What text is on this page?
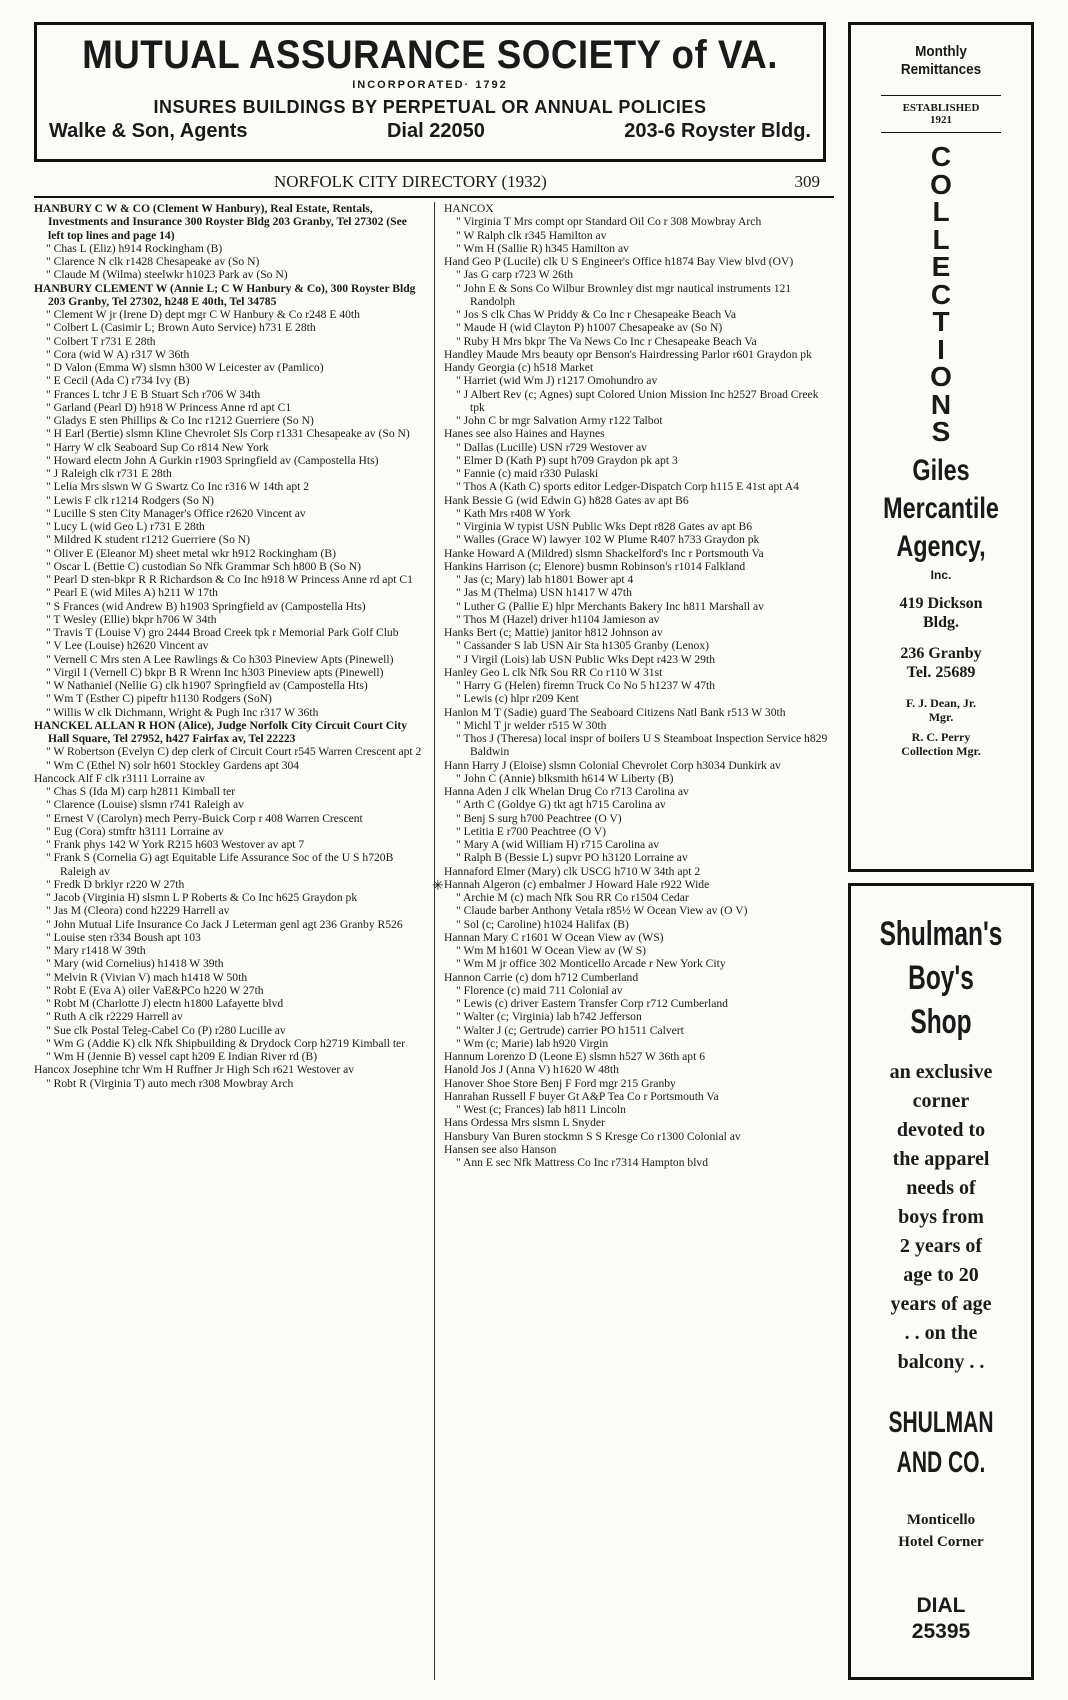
MUTUAL ASSURANCE SOCIETY of VA.
INCORPORATED· 1792
INSURES BUILDINGS BY PERPETUAL OR ANNUAL POLICIES
Walke & Son, Agents	Dial 22050	203-6 Royster Bldg.
NORFOLK CITY DIRECTORY (1932)	309

HANBURY C W & CO (Clement W Hanbury), Real Estate, Rentals, Investments and Insurance 300 Royster Bldg 203 Granby, Tel 27302 (See left top lines and page 14)

" Chas L (Eliz) h914 Rockingham (B)

" Clarence N clk r1428 Chesapeake av (So N)

" Claude M (Wilma) steelwkr h1023 Park av (So N)

HANBURY CLEMENT W (Annie L; C W Hanbury & Co), 300 Royster Bldg 203 Granby, Tel 27302, h248 E 40th, Tel 34785

" Clement W jr (Irene D) dept mgr C W Hanbury & Co r248 E 40th

" Colbert L (Casimir L; Brown Auto Service) h731 E 28th

" Colbert T r731 E 28th

" Cora (wid W A) r317 W 36th

" D Valon (Emma W) slsmn h300 W Leicester av (Pamlico)

" E Cecil (Ada C) r734 Ivy (B)

" Frances L tchr J E B Stuart Sch r706 W 34th

" Garland (Pearl D) h918 W Princess Anne rd apt C1

" Gladys E sten Phillips & Co Inc r1212 Guerriere (So N)

" H Earl (Bertie) slsmn Kline Chevrolet Sls Corp r1331 Chesapeake av (So N)

" Harry W clk Seaboard Sup Co r814 New York

" Howard electn John A Gurkin r1903 Springfield av (Campostella Hts)

" J Raleigh clk r731 E 28th

" Lelia Mrs slswn W G Swartz Co Inc r316 W 14th apt 2

" Lewis F clk r1214 Rodgers (So N)

" Lucille S sten City Manager's Office r2620 Vincent av

" Lucy L (wid Geo L) r731 E 28th

" Mildred K student r1212 Guerriere (So N)

" Oliver E (Eleanor M) sheet metal wkr h912 Rockingham (B)

" Oscar L (Bettie C) custodian So Nfk Grammar Sch h800 B (So N)

" Pearl D sten-bkpr R R Richardson & Co Inc h918 W Princess Anne rd apt C1

" Pearl E (wid Miles A) h211 W 17th

" S Frances (wid Andrew B) h1903 Springfield av (Campostella Hts)

" T Wesley (Ellie) bkpr h706 W 34th

" Travis T (Louise V) gro 2444 Broad Creek tpk r Memorial Park Golf Club

" V Lee (Louise) h2620 Vincent av

" Vernell C Mrs sten A Lee Rawlings & Co h303 Pineview Apts (Pinewell)

" Virgil I (Vernell C) bkpr B R Wrenn Inc h303 Pineview apts (Pinewell)

" W Nathaniel (Nellie G) clk h1907 Springfield av (Campostella Hts)

" Wm T (Esther C) pipeftr h1130 Rodgers (SoN)

" Willis W clk Dichmann, Wright & Pugh Inc r317 W 36th

HANCKEL ALLAN R HON (Alice), Judge Norfolk City Circuit Court City Hall Square, Tel 27952, h427 Fairfax av, Tel 22223

" W Robertson (Evelyn C) dep clerk of Circuit Court r545 Warren Crescent apt 2

" Wm C (Ethel N) solr h601 Stockley Gardens apt 304

Hancock Alf F clk r3111 Lorraine av

" Chas S (Ida M) carp h2811 Kimball ter

" Clarence (Louise) slsmn r741 Raleigh av

" Ernest V (Carolyn) mech Perry-Buick Corp r 408 Warren Crescent

" Eug (Cora) stmftr h3111 Lorraine av

" Frank phys 142 W York R215 h603 Westover av apt 7

" Frank S (Cornelia G) agt Equitable Life Assurance Soc of the U S h720B Raleigh av

" Fredk D brklyr r220 W 27th

" Jacob (Virginia H) slsmn L P Roberts & Co Inc h625 Graydon pk

" Jas M (Cleora) cond h2229 Harrell av

" John Mutual Life Insurance Co Jack J Leterman genl agt 236 Granby R526

" Louise sten r334 Boush apt 103

" Mary r1418 W 39th

" Mary (wid Cornelius) h1418 W 39th

" Melvin R (Vivian V) mach h1418 W 50th

" Robt E (Eva A) oiler VaE&PCo h220 W 27th

" Robt M (Charlotte J) electn h1800 Lafayette blvd

" Ruth A clk r2229 Harrell av

" Sue clk Postal Teleg-Cabel Co (P) r280 Lucille av

" Wm G (Addie K) clk Nfk Shipbuilding & Drydock Corp h2719 Kimball ter

" Wm H (Jennie B) vessel capt h209 E Indian River rd (B)

Hancox Josephine tchr Wm H Ruffner Jr High Sch r621 Westover av

" Robt R (Virginia T) auto mech r308 Mowbray Arch

HANCOX

" Virginia T Mrs compt opr Standard Oil Co r 308 Mowbray Arch

" W Ralph clk r345 Hamilton av

" Wm H (Sallie R) h345 Hamilton av

Hand Geo P (Lucile) clk U S Engineer's Office h1874 Bay View blvd (OV)

" Jas G carp r723 W 26th

" John E & Sons Co Wilbur Brownley dist mgr nautical instruments 121 Randolph

" Jos S clk Chas W Priddy & Co Inc r Chesapeake Beach Va

" Maude H (wid Clayton P) h1007 Chesapeake av (So N)

" Ruby H Mrs bkpr The Va News Co Inc r Chesapeake Beach Va

Handley Maude Mrs beauty opr Benson's Hairdressing Parlor r601 Graydon pk

Handy Georgia (c) h518 Market

" Harriet (wid Wm J) r1217 Omohundro av

" J Albert Rev (c; Agnes) supt Colored Union Mission Inc h2527 Broad Creek tpk

" John C br mgr Salvation Army r122 Talbot

Hanes see also Haines and Haynes

" Dallas (Lucille) USN r729 Westover av

" Elmer D (Kath P) supt h709 Graydon pk apt 3

" Fannie (c) maid r330 Pulaski

" Thos A (Kath C) sports editor Ledger-Dispatch Corp h115 E 41st apt A4

Hank Bessie G (wid Edwin G) h828 Gates av apt B6

" Kath Mrs r408 W York

" Virginia W typist USN Public Wks Dept r828 Gates av apt B6

" Walles (Grace W) lawyer 102 W Plume R407 h733 Graydon pk

Hanke Howard A (Mildred) slsmn Shackelford's Inc r Portsmouth Va

Hankins Harrison (c; Elenore) busmn Robinson's r1014 Falkland

" Jas (c; Mary) lab h1801 Bower apt 4

" Jas M (Thelma) USN h1417 W 47th

" Luther G (Pallie E) hlpr Merchants Bakery Inc h811 Marshall av

" Thos M (Hazel) driver h1104 Jamieson av

Hanks Bert (c; Mattie) janitor h812 Johnson av

" Cassander S lab USN Air Sta h1305 Granby (Lenox)

" J Virgil (Lois) lab USN Public Wks Dept r423 W 29th

Hanley Geo L clk Nfk Sou RR Co r110 W 31st

" Harry G (Helen) firemn Truck Co No 5 h1237 W 47th

" Lewis (c) hlpr r209 Kent

Hanlon M T (Sadie) guard The Seaboard Citizens Natl Bank r513 W 30th

" Michl T jr welder r515 W 30th

" Thos J (Theresa) local inspr of boilers U S Steamboat Inspection Service h829 Baldwin

Hann Harry J (Eloise) slsmn Colonial Chevrolet Corp h3034 Dunkirk av

" John C (Annie) blksmith h614 W Liberty (B)

Hanna Aden J clk Whelan Drug Co r713 Carolina av

" Arth C (Goldye G) tkt agt h715 Carolina av

" Benj S surg h700 Peachtree (O V)

" Letitia E r700 Peachtree (O V)

" Mary A (wid William H) r715 Carolina av

" Ralph B (Bessie L) supvr PO h3120 Lorraine av

Hannaford Elmer (Mary) clk USCG h710 W 34th apt 2

Hannah Algeron (c) embalmer J Howard Hale r922 Wide

" Archie M (c) mach Nfk Sou RR Co r1504 Cedar

" Claude barber Anthony Vetala r85½ W Ocean View av (O V)

" Sol (c; Caroline) h1024 Halifax (B)

Hannan Mary C r1601 W Ocean View av (WS)

" Wm M h1601 W Ocean View av (W S)

" Wm M jr office 302 Monticello Arcade r New York City

Hannon Carrie (c) dom h712 Cumberland

" Florence (c) maid 711 Colonial av

" Lewis (c) driver Eastern Transfer Corp r712 Cumberland

" Walter (c; Virginia) lab h742 Jefferson

" Walter J (c; Gertrude) carrier PO h1511 Calvert

" Wm (c; Marie) lab h920 Virgin

Hannum Lorenzo D (Leone E) slsmn h527 W 36th apt 6

Hanold Jos J (Anna V) h1620 W 48th

Hanover Shoe Store Benj F Ford mgr 215 Granby

Hanrahan Russell F buyer Gt A&P Tea Co r Portsmouth Va

" West (c; Frances) lab h811 Lincoln

Hans Ordessa Mrs slsmn L Snyder

Hansbury Van Buren stockmn S S Kresge Co r1300 Colonial av

Hansen see also Hanson

" Ann E sec Nfk Mattress Co Inc r7314 Hampton blvd

✳
Monthly
Remittances
ESTABLISHED
1921
C
O
L
L
E
C
T
I
O
N
S
Giles
Mercantile
Agency,
Inc.
419 Dickson
Bldg.
236 Granby
Tel. 25689
F. J. Dean, Jr.
Mgr.
R. C. Perry
Collection Mgr.
Shulman's
Boy's
Shop
an exclusive
corner
devoted to
the apparel
needs of
boys from
2 years of
age to 20
years of age
. . on the
balcony . .
SHULMAN
AND CO.
Monticello
Hotel Corner
DIAL
25395
